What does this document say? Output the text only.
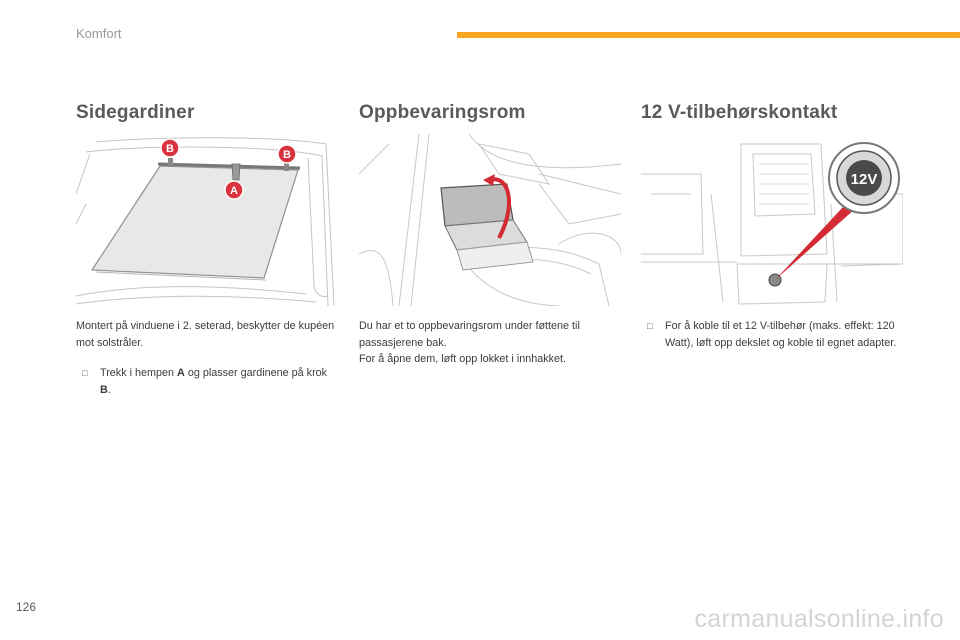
Komfort
Sidegardiner
B	B
A

Montert på vinduene i 2. seterad, beskytter de kupéen mot solstråler.

□ Trekk i hempen A og plasser gardinene på krok B.
Oppbevaringsrom

Du har et to oppbevaringsrom under føttene til passasjerene bak.

For å åpne dem, løft opp lokket i innhakket.

12 V-tilbehørskontakt
12V
□ For å koble til et 12 V-tilbehør (maks. effekt: 120 Watt), løft opp dekslet og koble til egnet adapter.
126	carmanualsonline.info
